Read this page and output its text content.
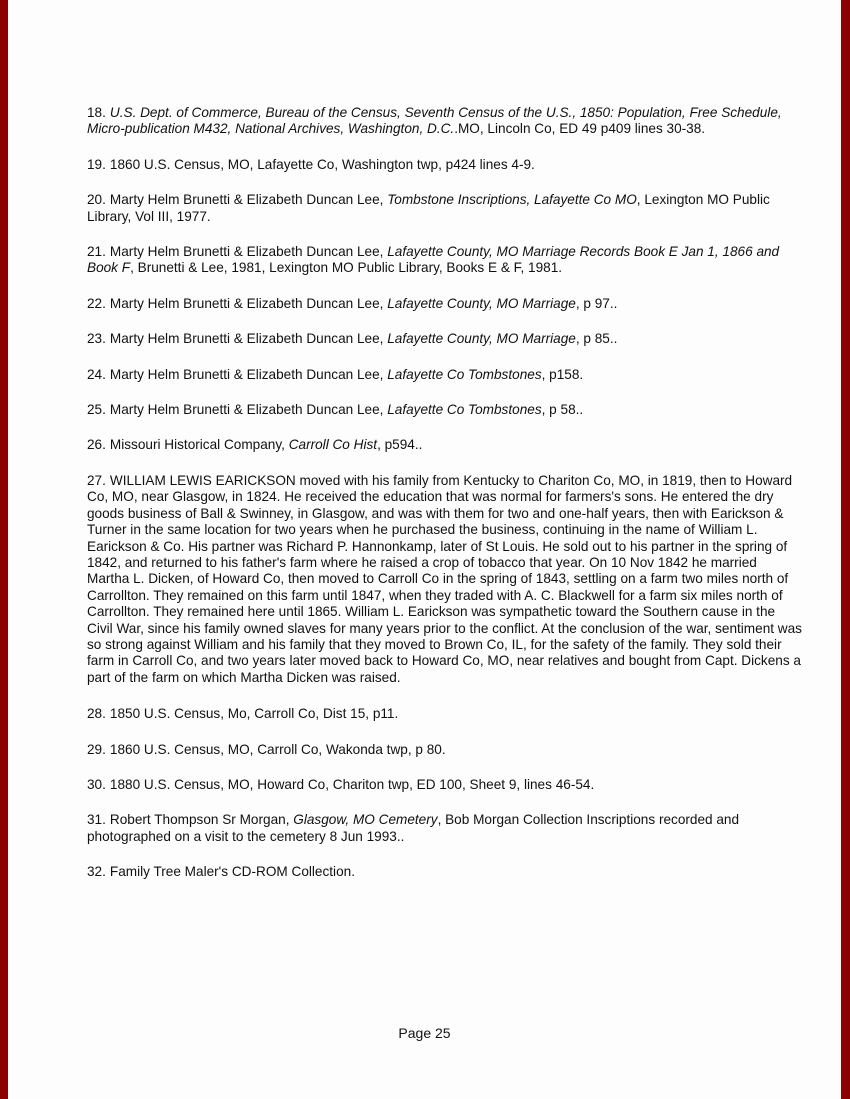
18. U.S. Dept. of Commerce, Bureau of the Census, Seventh Census of the U.S., 1850: Population, Free Schedule, Micro-publication M432, National Archives, Washington, D.C..MO, Lincoln Co, ED 49 p409 lines 30-38.

19. 1860 U.S. Census, MO, Lafayette Co, Washington twp, p424 lines 4-9.

20. Marty Helm Brunetti & Elizabeth Duncan Lee, Tombstone Inscriptions, Lafayette Co MO, Lexington MO Public Library, Vol III, 1977.

21. Marty Helm Brunetti & Elizabeth Duncan Lee, Lafayette County, MO Marriage Records Book E Jan 1, 1866 and Book F, Brunetti & Lee, 1981, Lexington MO Public Library, Books E & F, 1981.

22. Marty Helm Brunetti & Elizabeth Duncan Lee, Lafayette County, MO Marriage, p 97..

23. Marty Helm Brunetti & Elizabeth Duncan Lee, Lafayette County, MO Marriage, p 85..

24. Marty Helm Brunetti & Elizabeth Duncan Lee, Lafayette Co Tombstones, p158.

25. Marty Helm Brunetti & Elizabeth Duncan Lee, Lafayette Co Tombstones, p 58..

26. Missouri Historical Company, Carroll Co Hist, p594..

27. WILLIAM LEWIS EARICKSON moved with his family from Kentucky to Chariton Co, MO, in 1819, then to Howard Co, MO, near Glasgow, in 1824. He received the education that was normal for farmers's sons. He entered the dry goods business of Ball & Swinney, in Glasgow, and was with them for two and one-half years, then with Earickson & Turner in the same location for two years when he purchased the business, continuing in the name of William L. Earickson & Co. His partner was Richard P. Hannonkamp, later of St Louis. He sold out to his partner in the spring of 1842, and returned to his father's farm where he raised a crop of tobacco that year. On 10 Nov 1842 he married Martha L. Dicken, of Howard Co, then moved to Carroll Co in the spring of 1843, settling on a farm two miles north of Carrollton. They remained on this farm until 1847, when they traded with A. C. Blackwell for a farm six miles north of Carrollton. They remained here until 1865. William L. Earickson was sympathetic toward the Southern cause in the Civil War, since his family owned slaves for many years prior to the conflict. At the conclusion of the war, sentiment was so strong against William and his family that they moved to Brown Co, IL, for the safety of the family. They sold their farm in Carroll Co, and two years later moved back to Howard Co, MO, near relatives and bought from Capt. Dickens a part of the farm on which Martha Dicken was raised.

28. 1850 U.S. Census, Mo, Carroll Co, Dist 15, p11.

29. 1860 U.S. Census, MO, Carroll Co, Wakonda twp, p 80.

30. 1880 U.S. Census, MO, Howard Co, Chariton twp, ED 100, Sheet 9, lines 46-54.

31. Robert Thompson Sr Morgan, Glasgow, MO Cemetery, Bob Morgan Collection Inscriptions recorded and photographed on a visit to the cemetery 8 Jun 1993..

32. Family Tree Maler's CD-ROM Collection.

Page 25
